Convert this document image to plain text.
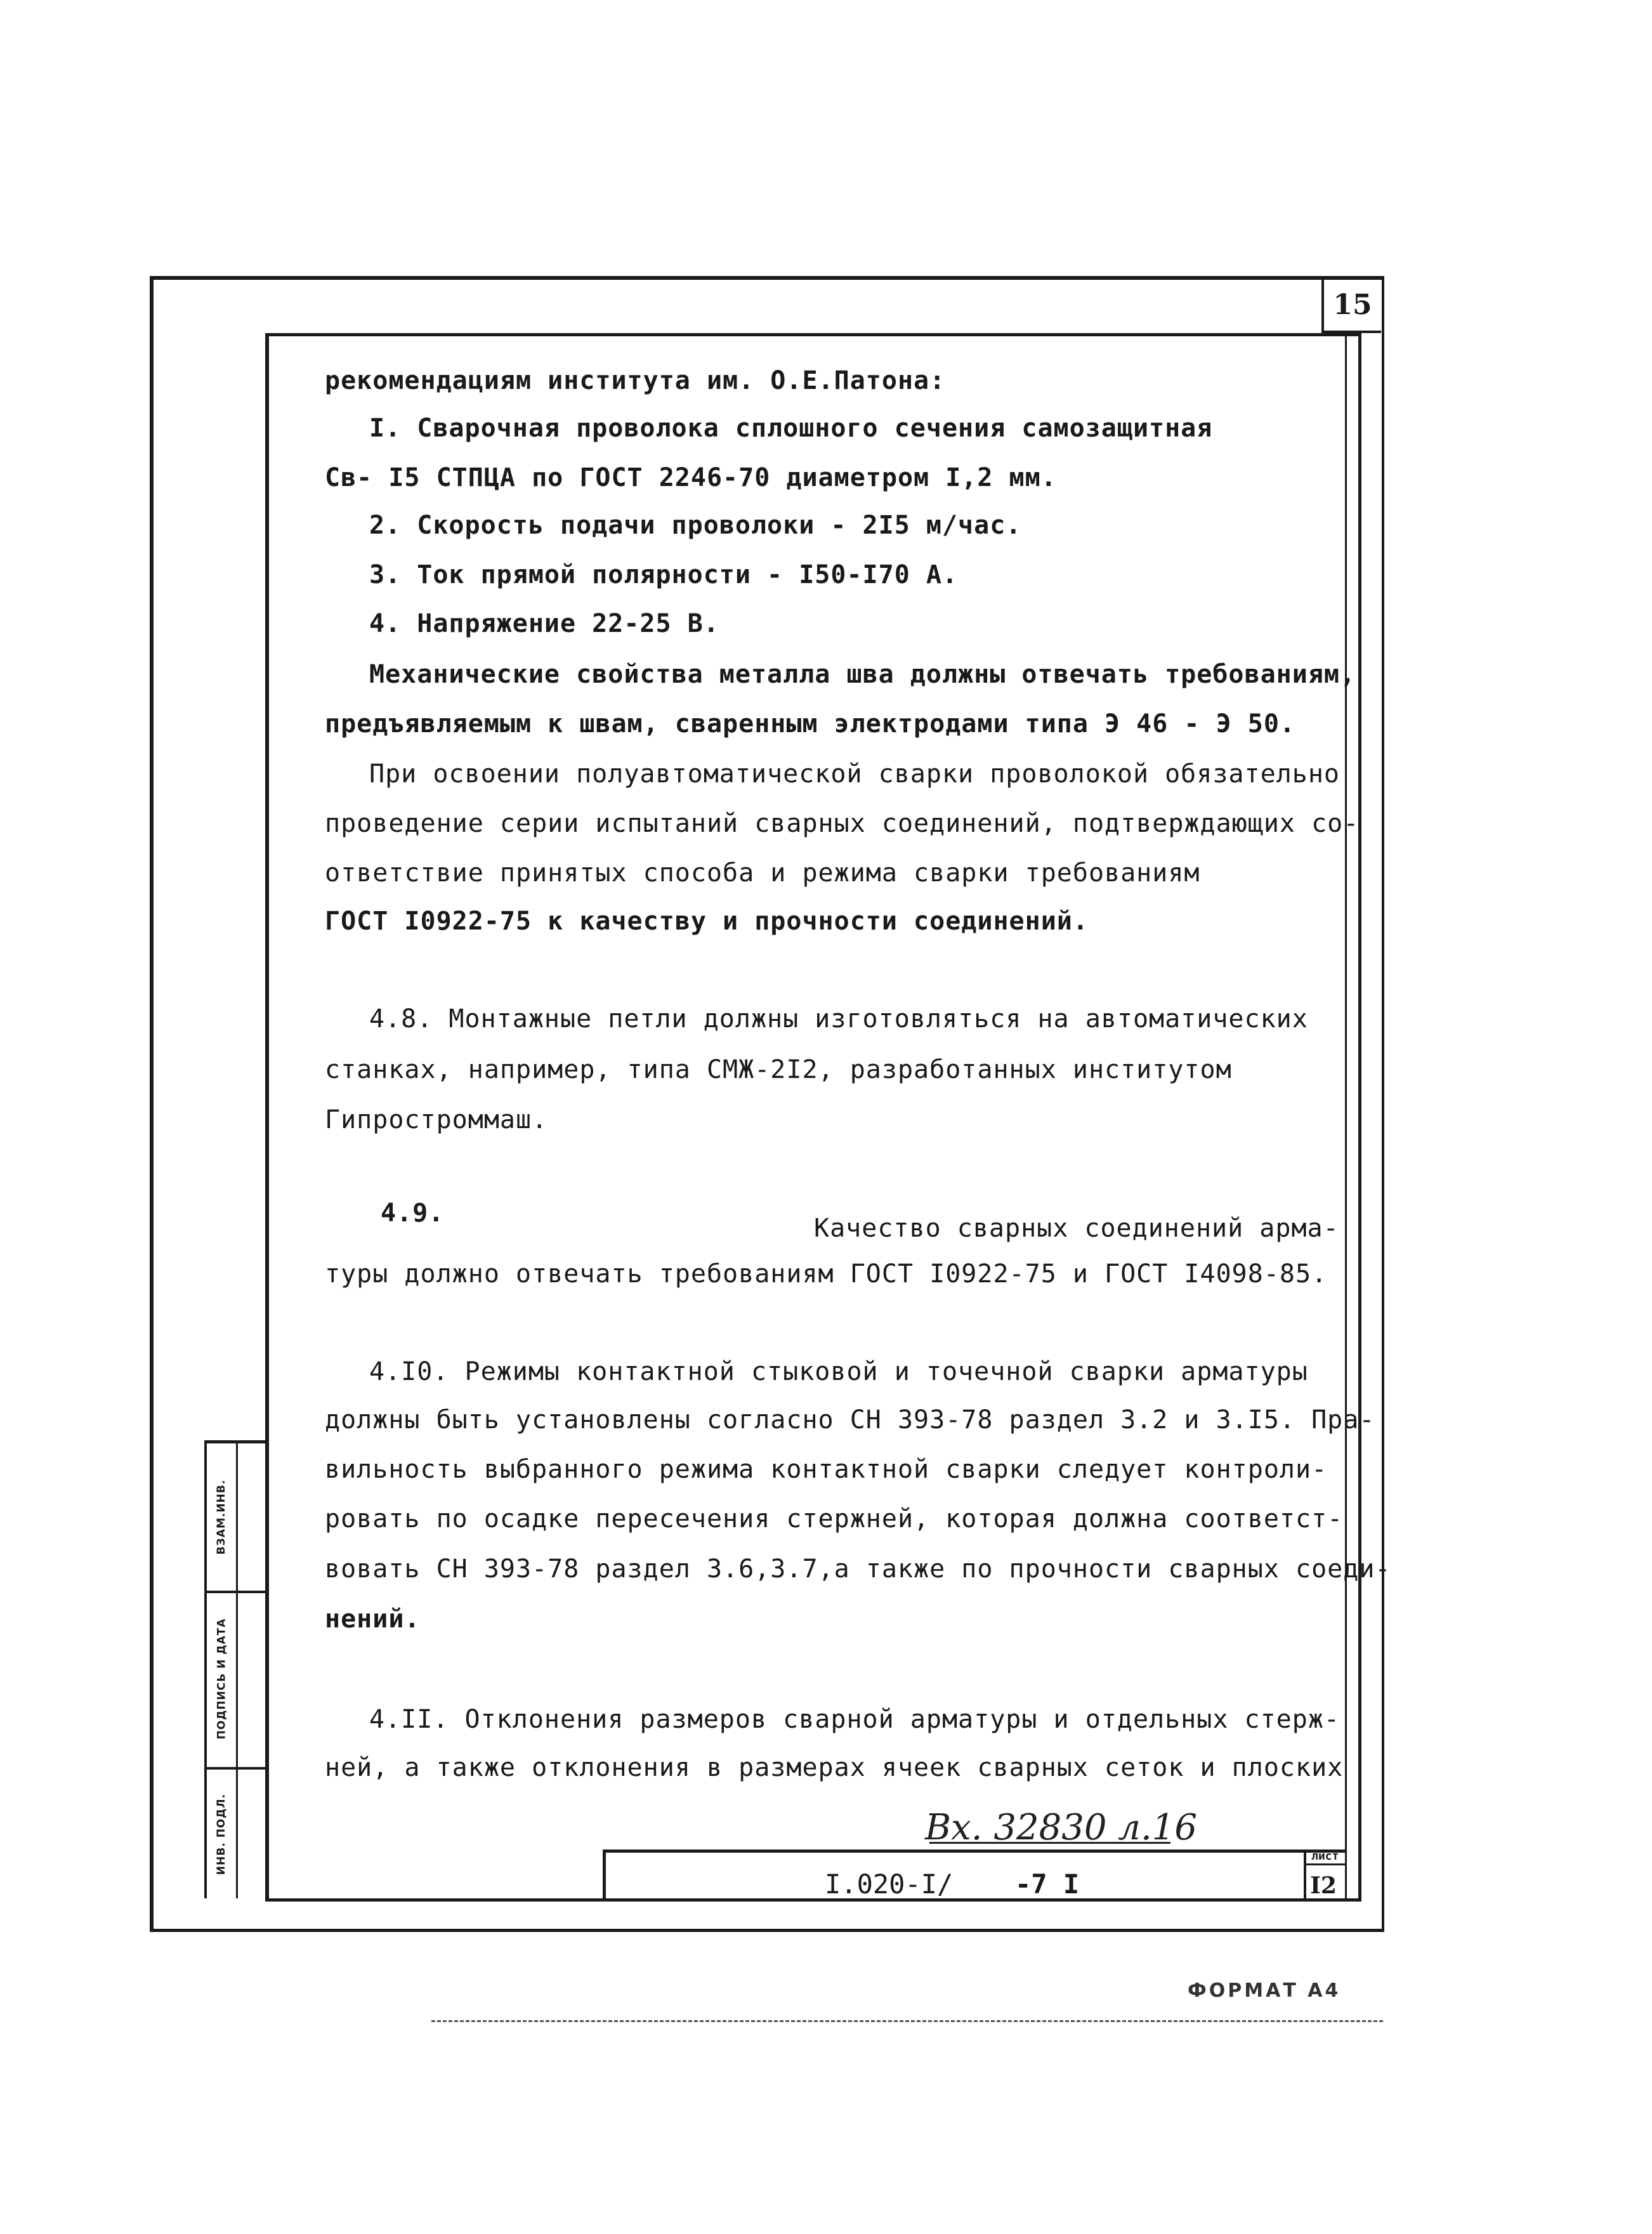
15
рекомендациям института им. О.Е.Патона:
I. Сварочная проволока сплошного сечения самозащитная
Св- I5 СТПЦА по ГОСТ 2246-70 диаметром I,2 мм.
2. Скорость подачи проволоки - 2I5 м/час.
3. Ток прямой полярности - I50-I70 А.
4. Напряжение 22-25 В.
Механические свойства металла шва должны отвечать требованиям,
предъявляемым к швам, сваренным электродами типа Э 46 - Э 50.
При освоении полуавтоматической сварки проволокой обязательно
проведение серии испытаний сварных соединений, подтверждающих со-
ответствие принятых способа и режима сварки требованиям
ГОСТ I0922-75 к качеству и прочности соединений.
4.8. Монтажные петли должны изготовляться на автоматических
станках, например, типа СМЖ-2I2, разработанных институтом
Гипростроммаш.
4.9.
Качество сварных соединений арма-
туры должно отвечать требованиям ГОСТ I0922-75 и ГОСТ I4098-85.
4.I0. Режимы контактной стыковой и точечной сварки арматуры
должны быть установлены согласно СН 393-78 раздел 3.2 и 3.I5. Пра-
вильность выбранного режима контактной сварки следует контроли-
ровать по осадке пересечения стержней, которая должна соответст-
вовать СН 393-78 раздел 3.6,3.7,а также по прочности сварных соеди-
нений.
4.II. Отклонения размеров сварной арматуры и отдельных стерж-
ней, а также отклонения в размерах ячеек сварных сеток и плоских
ВЗАМ.ИНВ.
ПОДПИСЬ И ДАТА
ИНВ. ПОДЛ.	Вх. 32830 л.16
I.020-I/ -7 I
лист
I2
ФОРМАТ А4
